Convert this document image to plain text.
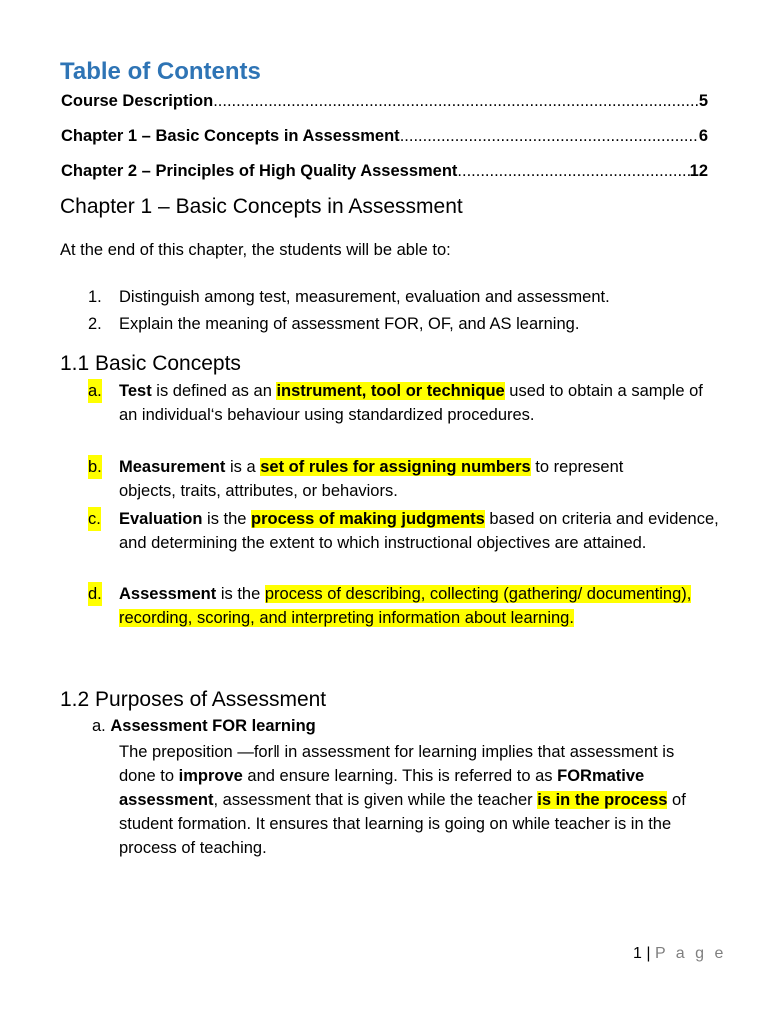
Table of Contents
Course Description .....	5
Chapter 1 – Basic Concepts in Assessment .....	6
Chapter 2 – Principles of High Quality Assessment .....	12
Chapter 1 – Basic Concepts in Assessment
At the end of this chapter, the students will be able to:
1. Distinguish among test, measurement, evaluation and assessment.
2. Explain the meaning of assessment FOR, OF, and AS learning.
1.1 Basic Concepts
a. Test is defined as an instrument, tool or technique used to obtain a sample of an individual‘s behaviour using standardized procedures.
b. Measurement is a set of rules for assigning numbers to represent objects, traits, attributes, or behaviors.
c. Evaluation is the process of making judgments based on criteria and evidence, and determining the extent to which instructional objectives are attained.
d. Assessment is the process of describing, collecting (gathering/ documenting), recording, scoring, and interpreting information about learning.
1.2 Purposes of Assessment
a. Assessment FOR learning
The preposition ―forǁ in assessment for learning implies that assessment is done to improve and ensure learning. This is referred to as FORmative assessment, assessment that is given while the teacher is in the process of student formation. It ensures that learning is going on while teacher is in the process of teaching.
1 | P a g e
